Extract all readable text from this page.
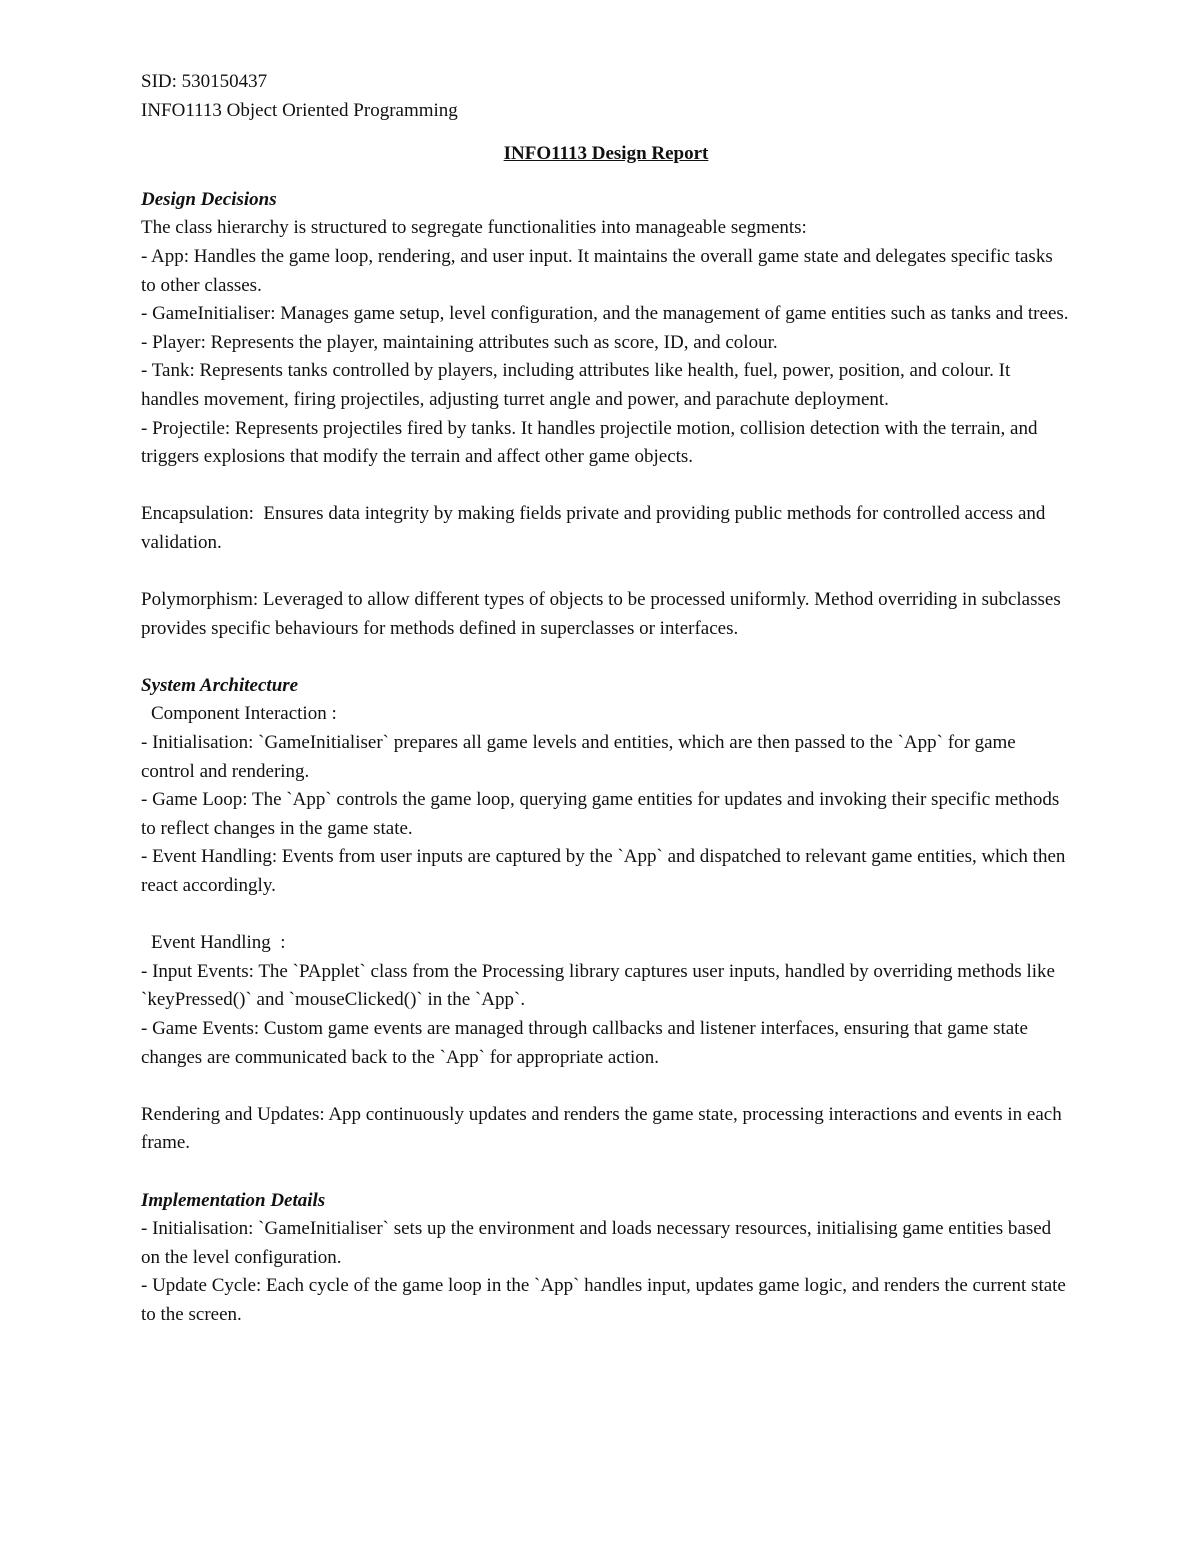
SID: 530150437
INFO1113 Object Oriented Programming
INFO1113 Design Report
Design Decisions
The class hierarchy is structured to segregate functionalities into manageable segments:
- App: Handles the game loop, rendering, and user input. It maintains the overall game state and delegates specific tasks to other classes.
- GameInitialiser: Manages game setup, level configuration, and the management of game entities such as tanks and trees.
- Player: Represents the player, maintaining attributes such as score, ID, and colour.
- Tank: Represents tanks controlled by players, including attributes like health, fuel, power, position, and colour. It handles movement, firing projectiles, adjusting turret angle and power, and parachute deployment.
- Projectile: Represents projectiles fired by tanks. It handles projectile motion, collision detection with the terrain, and triggers explosions that modify the terrain and affect other game objects.
Encapsulation:  Ensures data integrity by making fields private and providing public methods for controlled access and validation.
Polymorphism: Leveraged to allow different types of objects to be processed uniformly. Method overriding in subclasses provides specific behaviours for methods defined in superclasses or interfaces.
System Architecture
Component Interaction :
- Initialisation: `GameInitialiser` prepares all game levels and entities, which are then passed to the `App` for game control and rendering.
- Game Loop: The `App` controls the game loop, querying game entities for updates and invoking their specific methods to reflect changes in the game state.
- Event Handling: Events from user inputs are captured by the `App` and dispatched to relevant game entities, which then react accordingly.
Event Handling  :
- Input Events: The `PApplet` class from the Processing library captures user inputs, handled by overriding methods like `keyPressed()` and `mouseClicked()` in the `App`.
- Game Events: Custom game events are managed through callbacks and listener interfaces, ensuring that game state changes are communicated back to the `App` for appropriate action.
Rendering and Updates: App continuously updates and renders the game state, processing interactions and events in each frame.
Implementation Details
- Initialisation: `GameInitialiser` sets up the environment and loads necessary resources, initialising game entities based on the level configuration.
- Update Cycle: Each cycle of the game loop in the `App` handles input, updates game logic, and renders the current state to the screen.
